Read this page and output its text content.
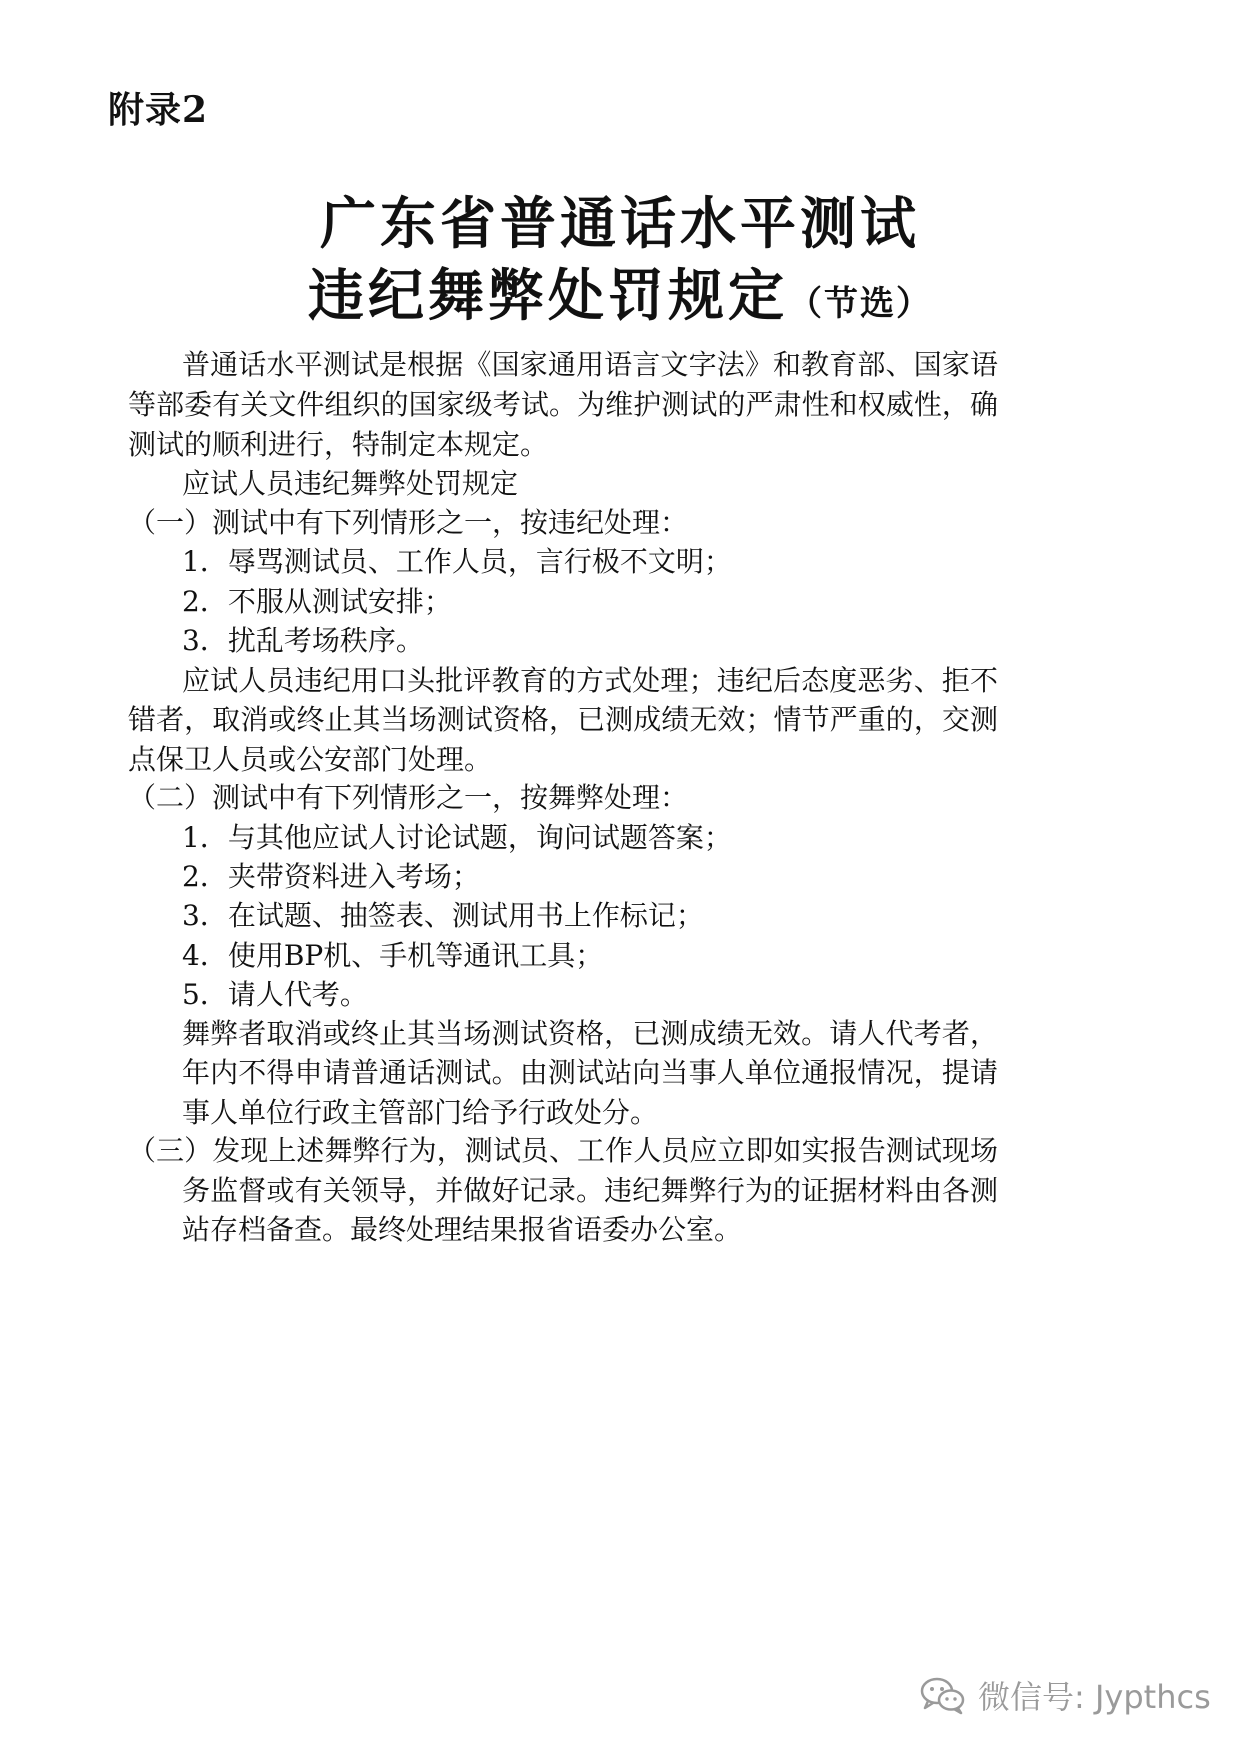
附录2
广东省普通话水平测试
违纪舞弊处罚规定（节选）
普通话水平测试是根据《国家通用语言文字法》和教育部、国家语
等部委有关文件组织的国家级考试。为维护测试的严肃性和权威性，确
测试的顺利进行，特制定本规定。
应试人员违纪舞弊处罚规定
（一）测试中有下列情形之一，按违纪处理：
1．辱骂测试员、工作人员，言行极不文明；
2．不服从测试安排；
3．扰乱考场秩序。
应试人员违纪用口头批评教育的方式处理；违纪后态度恶劣、拒不
错者，取消或终止其当场测试资格，已测成绩无效；情节严重的，交测
点保卫人员或公安部门处理。
（二）测试中有下列情形之一，按舞弊处理：
1．与其他应试人讨论试题，询问试题答案；
2．夹带资料进入考场；
3．在试题、抽签表、测试用书上作标记；
4．使用BP机、手机等通讯工具；
5．请人代考。
舞弊者取消或终止其当场测试资格，已测成绩无效。请人代考者，
年内不得申请普通话测试。由测试站向当事人单位通报情况，提请
事人单位行政主管部门给予行政处分。
（三）发现上述舞弊行为，测试员、工作人员应立即如实报告测试现场
务监督或有关领导，并做好记录。违纪舞弊行为的证据材料由各测
站存档备查。最终处理结果报省语委办公室。
微信号: Jypthcs
